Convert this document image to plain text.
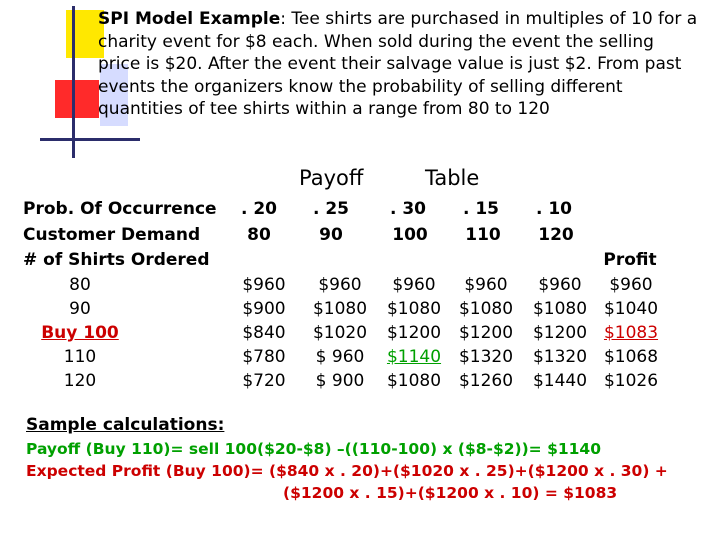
SPI Model Example: Tee shirts are purchased in multiples of 10 for a charity event for $8 each. When sold during the event the selling price is $20. After the event their salvage value is just $2. From past events the organizers know the probability of selling different quantities of tee shirts within a range from 80 to 120
Payoff	Table
Prob. Of Occurrence . 20 . 25 . 30 . 15 . 10
Customer Demand	80	90	100	110	120
# of Shirts Ordered	Profit
80	$960	$960	$960	$960	$960	$960
90	$900	$1080 $1080 $1080 $1080 $1040
Buy 100	$840	$1020 $1200 $1200 $1200 $1083
110	$780	$ 960 $1140 $1320 $1320 $1068
120	$720	$ 900 $1080 $1260 $1440 $1026
Sample calculations:
Payoff (Buy 110)= sell 100($20-$8) –((110-100) x ($8-$2))= $1140
Expected Profit (Buy 100)= ($840 x . 20)+($1020 x . 25)+($1200 x . 30) +
($1200 x . 15)+($1200 x . 10) = $1083
